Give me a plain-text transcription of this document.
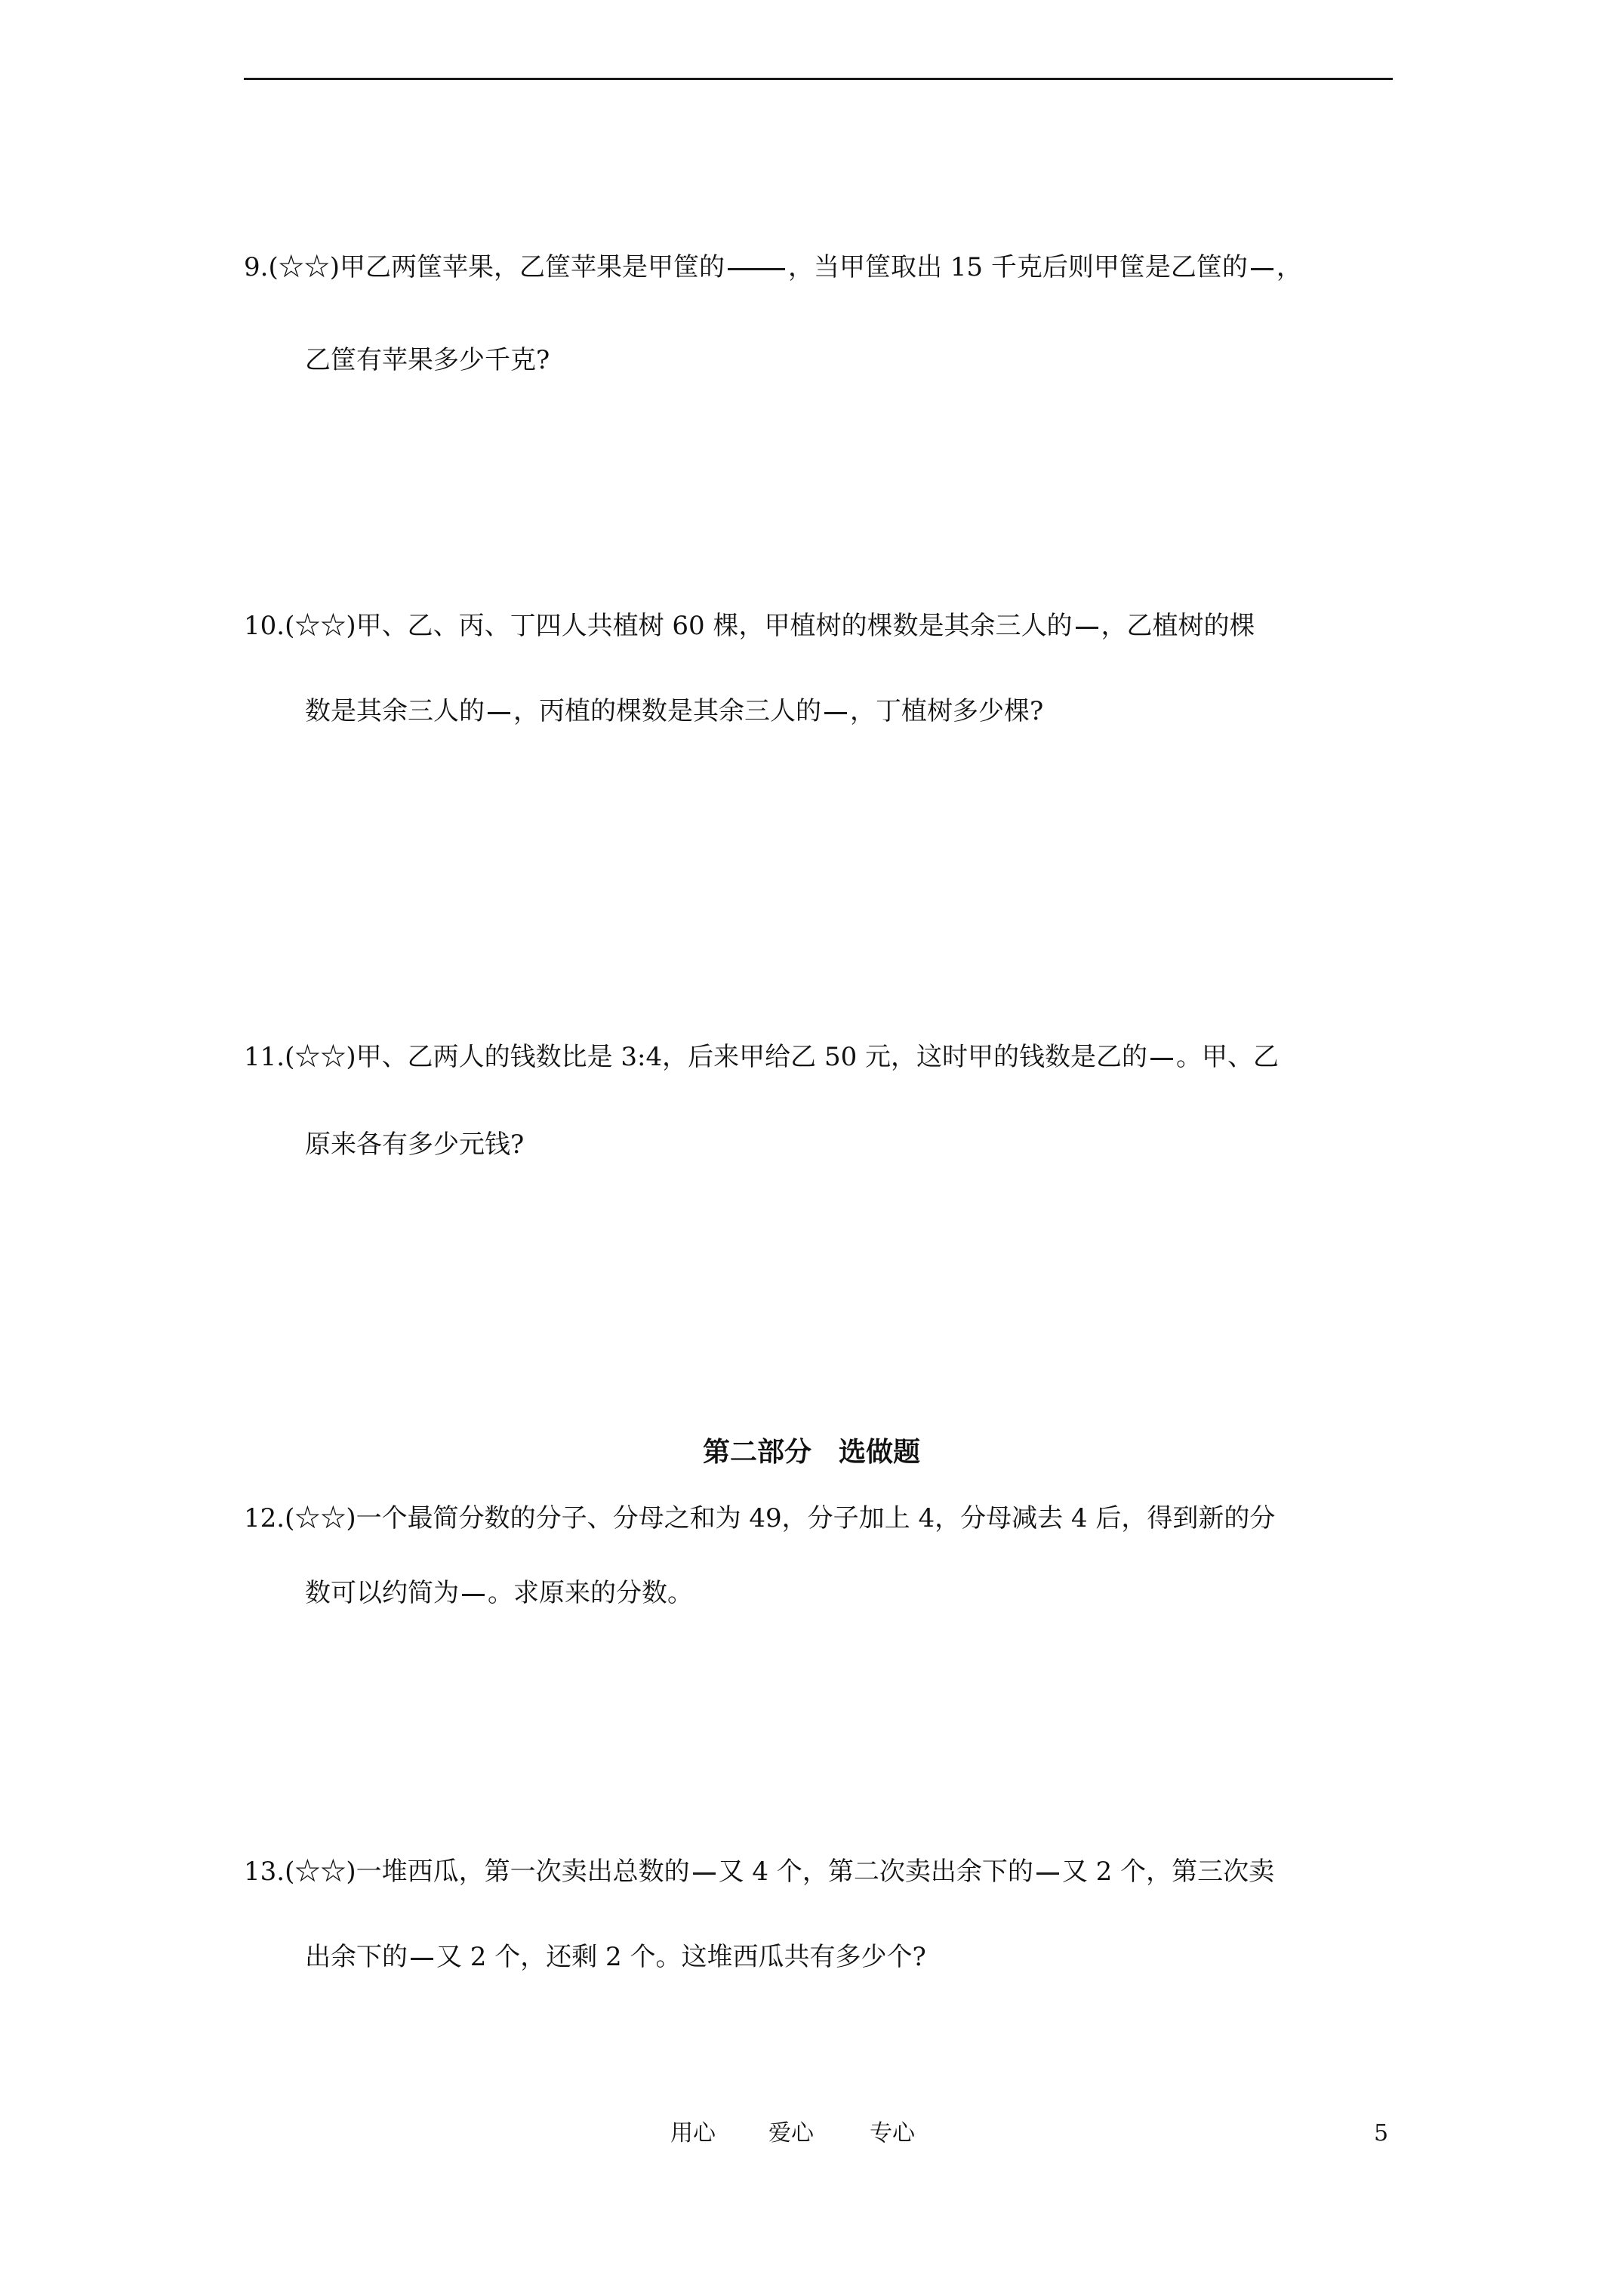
9.(☆☆)甲乙两筐苹果，乙筐苹果是甲筐的 ，当甲筐取出 15 千克后则甲筐是乙筐的 ，
乙筐有苹果多少千克?
10.(☆☆)甲、乙、丙、丁四人共植树 60 棵，甲植树的棵数是其余三人的 ，乙植树的棵
数是其余三人的 ，丙植的棵数是其余三人的 ，丁植树多少棵?
11.(☆☆)甲、乙两人的钱数比是 3:4，后来甲给乙 50 元，这时甲的钱数是乙的 。甲、乙
原来各有多少元钱?
第二部分　选做题
12.(☆☆)一个最简分数的分子、分母之和为 49，分子加上 4，分母减去 4 后，得到新的分
数可以约简为 。求原来的分数。
13.(☆☆)一堆西瓜，第一次卖出总数的 又 4 个，第二次卖出余下的 又 2 个，第三次卖
出余下的 又 2 个，还剩 2 个。这堆西瓜共有多少个?
用心 爱心 专心	5
